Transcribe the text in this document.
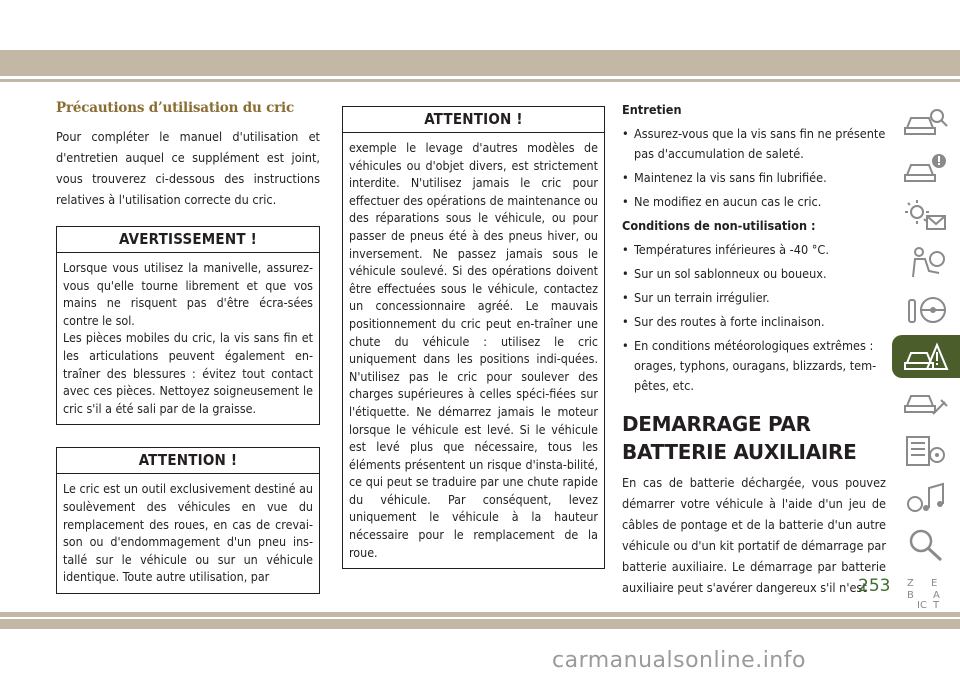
Précautions d’utilisation du cric

Pour compléter le manuel d'utilisation et d'entretien auquel ce supplément est joint, vous trouverez ci-dessous des instructions relatives à l'utilisation correcte du cric.

AVERTISSEMENT !
Lorsque vous utilisez la manivelle, assurez-vous qu'elle tourne librement et que vos mains ne risquent pas d'être écra-sées contre le sol.
Les pièces mobiles du cric, la vis sans fin et les articulations peuvent également en-traîner des blessures : évitez tout contact avec ces pièces. Nettoyez soigneusement le cric s'il a été sali par de la graisse.
ATTENTION !
Le cric est un outil exclusivement destiné au soulèvement des véhicules en vue du remplacement des roues, en cas de crevai-son ou d'endommagement d'un pneu ins-tallé sur le véhicule ou sur un véhicule identique. Toute autre utilisation, par
ATTENTION !
exemple le levage d'autres modèles de véhicules ou d'objet divers, est strictement interdite. N'utilisez jamais le cric pour effectuer des opérations de maintenance ou des réparations sous le véhicule, ou pour passer de pneus été à des pneus hiver, ou inversement. Ne passez jamais sous le véhicule soulevé. Si des opérations doivent être effectuées sous le véhicule, contactez un concessionnaire agréé. Le mauvais positionnement du cric peut en-traîner une chute du véhicule : utilisez le cric uniquement dans les positions indi-quées. N'utilisez pas le cric pour soulever des charges supérieures à celles spéci-fiées sur l'étiquette. Ne démarrez jamais le moteur lorsque le véhicule est levé. Si le véhicule est levé plus que nécessaire, tous les éléments présentent un risque d'insta-bilité, ce qui peut se traduire par une chute rapide du véhicule. Par conséquent, levez uniquement le véhicule à la hauteur nécessaire pour le remplacement de la roue.
Entretien
• Assurez-vous que la vis sans fin ne présente pas d'accumulation de saleté.
• Maintenez la vis sans fin lubrifiée.
• Ne modifiez en aucun cas le cric.
Conditions de non-utilisation :
• Températures inférieures à -40 °C.
• Sur un sol sablonneux ou boueux.
• Sur un terrain irrégulier.
• Sur des routes à forte inclinaison.
• En conditions météorologiques extrêmes : orages, typhons, ouragans, blizzards, tem-pêtes, etc.
DEMARRAGE PAR BATTERIE AUXILIAIRE

En cas de batterie déchargée, vous pouvez démarrer votre véhicule à l'aide d'un jeu de câbles de pontage et de la batterie d'un autre véhicule ou d'un kit portatif de démarrage par batterie auxiliaire. Le démarrage par batterie auxiliaire peut s'avérer dangereux s'il n'est	Z E
B A
IC T
253
carmanualsonline.info
